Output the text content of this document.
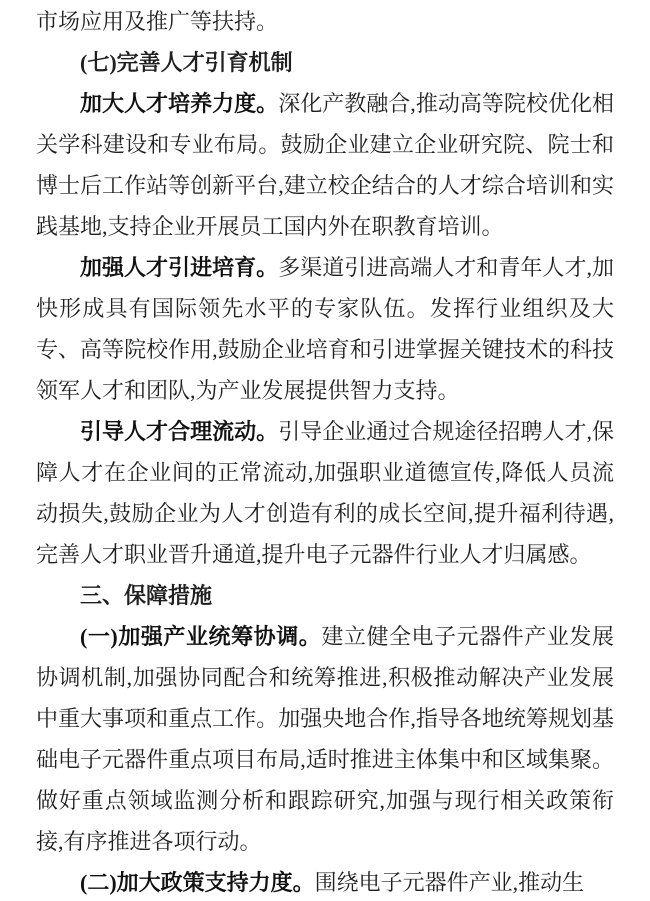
市场应用及推广等扶持。

(七)完善人才引育机制

加大人才培养力度。深化产教融合,推动高等院校优化相关学科建设和专业布局。鼓励企业建立企业研究院、院士和博士后工作站等创新平台,建立校企结合的人才综合培训和实践基地,支持企业开展员工国内外在职教育培训。

加强人才引进培育。多渠道引进高端人才和青年人才,加快形成具有国际领先水平的专家队伍。发挥行业组织及大专、高等院校作用,鼓励企业培育和引进掌握关键技术的科技领军人才和团队,为产业发展提供智力支持。

引导人才合理流动。引导企业通过合规途径招聘人才,保障人才在企业间的正常流动,加强职业道德宣传,降低人员流动损失,鼓励企业为人才创造有利的成长空间,提升福利待遇,完善人才职业晋升通道,提升电子元器件行业人才归属感。

三、保障措施

(一)加强产业统筹协调。建立健全电子元器件产业发展协调机制,加强协同配合和统筹推进,积极推动解决产业发展中重大事项和重点工作。加强央地合作,指导各地统筹规划基础电子元器件重点项目布局,适时推进主体集中和区域集聚。做好重点领域监测分析和跟踪研究,加强与现行相关政策衔接,有序推进各项行动。

(二)加大政策支持力度。围绕电子元器件产业,推动生
